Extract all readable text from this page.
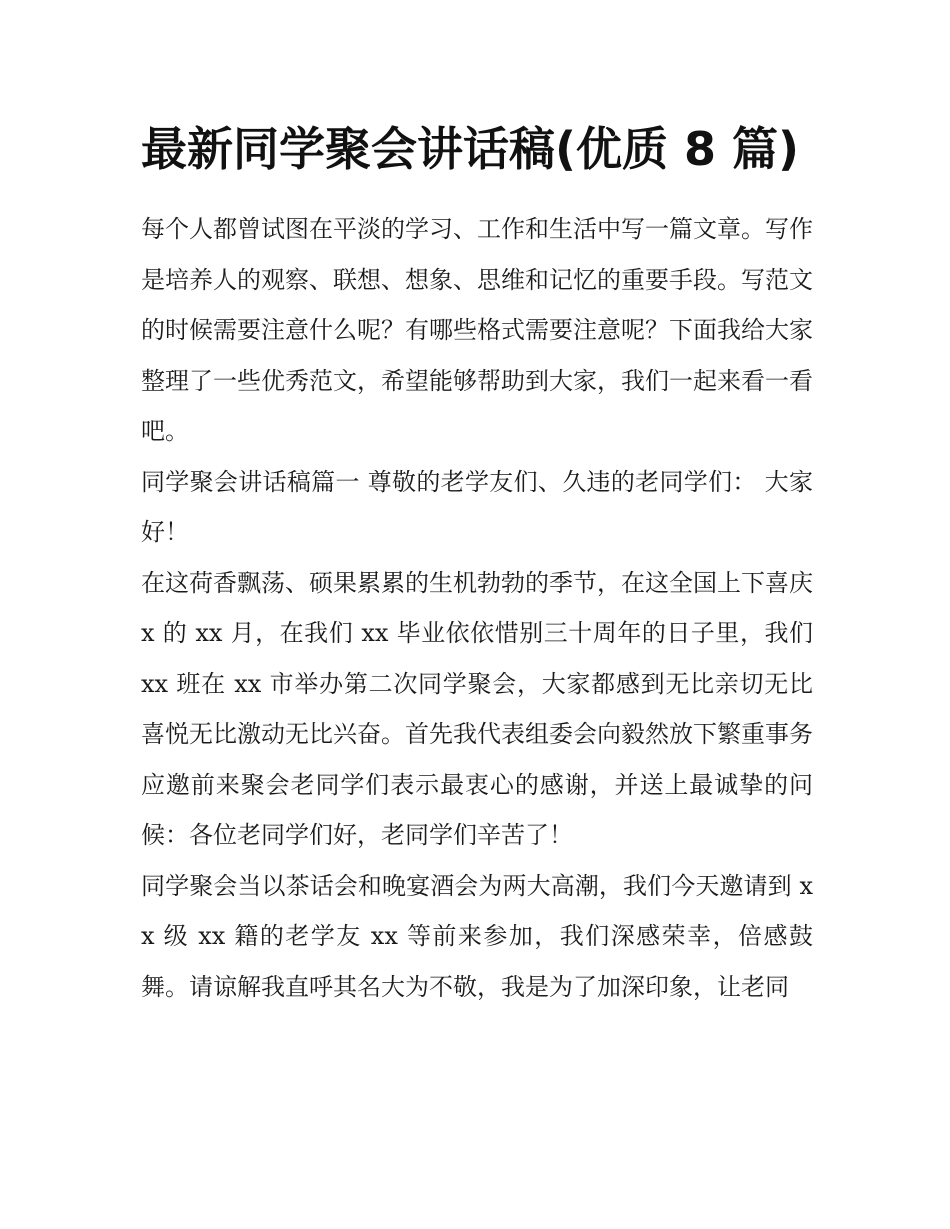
最新同学聚会讲话稿(优质 8 篇)

每个人都曾试图在平淡的学习、工作和生活中写一篇文章。写作是培养人的观察、联想、想象、思维和记忆的重要手段。写范文的时候需要注意什么呢？有哪些格式需要注意呢？下面我给大家整理了一些优秀范文，希望能够帮助到大家，我们一起来看一看吧。

同学聚会讲话稿篇一 尊敬的老学友们、久违的老同学们： 大家好！

在这荷香飘荡、硕果累累的生机勃勃的季节，在这全国上下喜庆 x 的 xx 月，在我们 xx 毕业依依惜别三十周年的日子里，我们 xx 班在 xx 市举办第二次同学聚会，大家都感到无比亲切无比喜悦无比激动无比兴奋。首先我代表组委会向毅然放下繁重事务应邀前来聚会老同学们表示最衷心的感谢，并送上最诚挚的问候：各位老同学们好，老同学们辛苦了！

同学聚会当以茶话会和晚宴酒会为两大高潮，我们今天邀请到 xx 级 xx 籍的老学友 xx 等前来参加，我们深感荣幸，倍感鼓舞。请谅解我直呼其名大为不敬，我是为了加深印象，让老同
